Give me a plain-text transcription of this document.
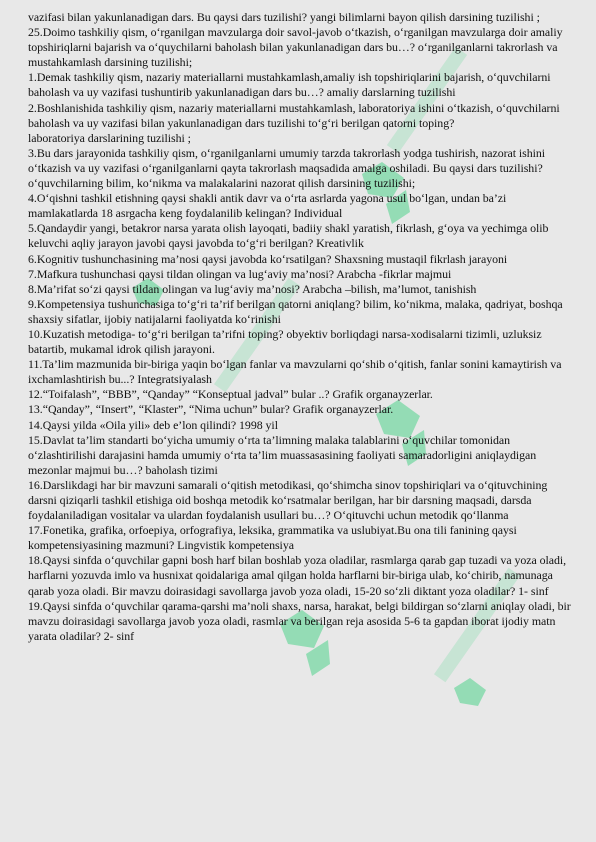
vazifasi bilan yakunlanadigan dars. Bu qaysi dars tuzilishi? yangi bilimlarni bayon qilish darsining tuzilishi ;

25.Doimo tashkiliy qism, o‘rganilgan mavzularga doir savol-javob o‘tkazish, o‘rganilgan mavzularga doir amaliy topshiriqlarni bajarish va o‘quychilarni baholash bilan yakunlanadigan dars bu…? o‘rganilganlarni takrorlash va mustahkamlash darsining tuzilishi;

1.Demak tashkiliy qism, nazariy materiallarni mustahkamlash,amaliy ish topshiriqlarini bajarish, o‘quvchilarni baholash va uy vazifasi tushuntirib yakunlanadigan dars bu…? amaliy darslarning tuzilishi

2.Boshlanishida tashkiliy qism, nazariy materiallarni mustahkamlash, laboratoriya ishini o‘tkazish, o‘quvchilarni baholash va uy vazifasi bilan yakunlanadigan dars tuzilishi to‘g‘ri berilgan qatorni toping?

laboratoriya darslarining tuzilishi ;

3.Bu dars jarayonida tashkiliy qism, o‘rganilganlarni umumiy tarzda takrorlash yodga tushirish, nazorat ishini o‘tkazish va uy vazifasi o‘rganilganlarni qayta takrorlash maqsadida amalga oshiladi. Bu qaysi dars tuzilishi? o‘quvchilarning bilim, ko‘nikma va malakalarini nazorat qilish darsining tuzilishi;

4.O‘qishni tashkil etishning qaysi shakli antik davr va o‘rta asrlarda yagona usul bo‘lgan, undan ba’zi mamlakatlarda 18 asrgacha keng foydalanilib kelingan? Individual

5.Qandaydir yangi, betakror narsa yarata olish layoqati, badiiy shakl yaratish, fikrlash, g‘oya va yechimga olib keluvchi aqliy jarayon javobi qaysi javobda to‘g‘ri berilgan? Kreativlik

6.Kognitiv tushunchasining ma’nosi qaysi javobda ko‘rsatilgan? Shaxsning mustaqil fikrlash jarayoni

7.Mafkura tushunchasi qaysi tildan olingan va lug‘aviy ma’nosi? Arabcha -fikrlar majmui

8.Ma’rifat so‘zi qaysi tildan olingan va lug‘aviy ma’nosi? Arabcha –bilish, ma’lumot, tanishish

9.Kompetensiya tushunchasiga to‘g‘ri ta’rif berilgan qatorni aniqlang? bilim, ko‘nikma, malaka, qadriyat, boshqa shaxsiy sifatlar, ijobiy natijalarni faoliyatda ko‘rinishi

10.Kuzatish metodiga- to‘g‘ri berilgan ta’rifni toping? obyektiv borliqdagi narsa-xodisalarni tizimli, uzluksiz batartib, mukamal idrok qilish jarayoni.

11.Ta’lim mazmunida bir-biriga yaqin bo‘lgan fanlar va mavzularni qo‘shib o‘qitish, fanlar sonini kamaytirish va ixchamlashtirish bu...? Integratsiyalash

12.“Toifalash”, “BBB”, “Qanday” “Konseptual jadval” bular ..? Grafik organayzerlar.

13.“Qanday”, “Insert”, “Klaster”, “Nima uchun” bular? Grafik organayzerlar.

14.Qaysi yilda «Oila yili» deb e’lon qilindi? 1998 yil

15.Davlat ta’lim standarti bo‘yicha umumiy o‘rta ta’limning malaka talablarini o‘quvchilar tomonidan o‘zlashtirilishi darajasini hamda umumiy o‘rta ta’lim muassasasining faoliyati samaradorligini aniqlaydigan mezonlar majmui bu…? baholash tizimi

16.Darslikdagi har bir mavzuni samarali o‘qitish metodikasi, qo‘shimcha sinov topshiriqlari va o‘qituvchining darsni qiziqarli tashkil etishiga oid boshqa metodik ko‘rsatmalar berilgan, har bir darsning maqsadi, darsda foydalaniladigan vositalar va ulardan foydalanish usullari bu…? O‘qituvchi uchun metodik qo‘llanma

17.Fonetika, grafika, orfoepiya, orfografiya, leksika, grammatika va uslubiyat.Bu ona tili fanining qaysi kompetensiyasining mazmuni? Lingvistik kompetensiya

18.Qaysi sinfda o‘quvchilar gapni bosh harf bilan boshlab yoza oladilar, rasmlarga qarab gap tuzadi va yoza oladi, harflarni yozuvda imlo va husnixat qoidalariga amal qilgan holda harflarni bir-biriga ulab, ko‘chirib, namunaga qarab yoza oladi. Bir mavzu doirasidagi savollarga javob yoza oladi, 15-20 so‘zli diktant yoza oladilar? 1- sinf

19.Qaysi sinfda o‘quvchilar qarama-qarshi ma’noli shaxs, narsa, harakat, belgi bildirgan so‘zlarni aniqlay oladi, bir mavzu doirasidagi savollarga javob yoza oladi, rasmlar va berilgan reja asosida 5-6 ta gapdan iborat ijodiy matn yarata oladilar? 2- sinf
